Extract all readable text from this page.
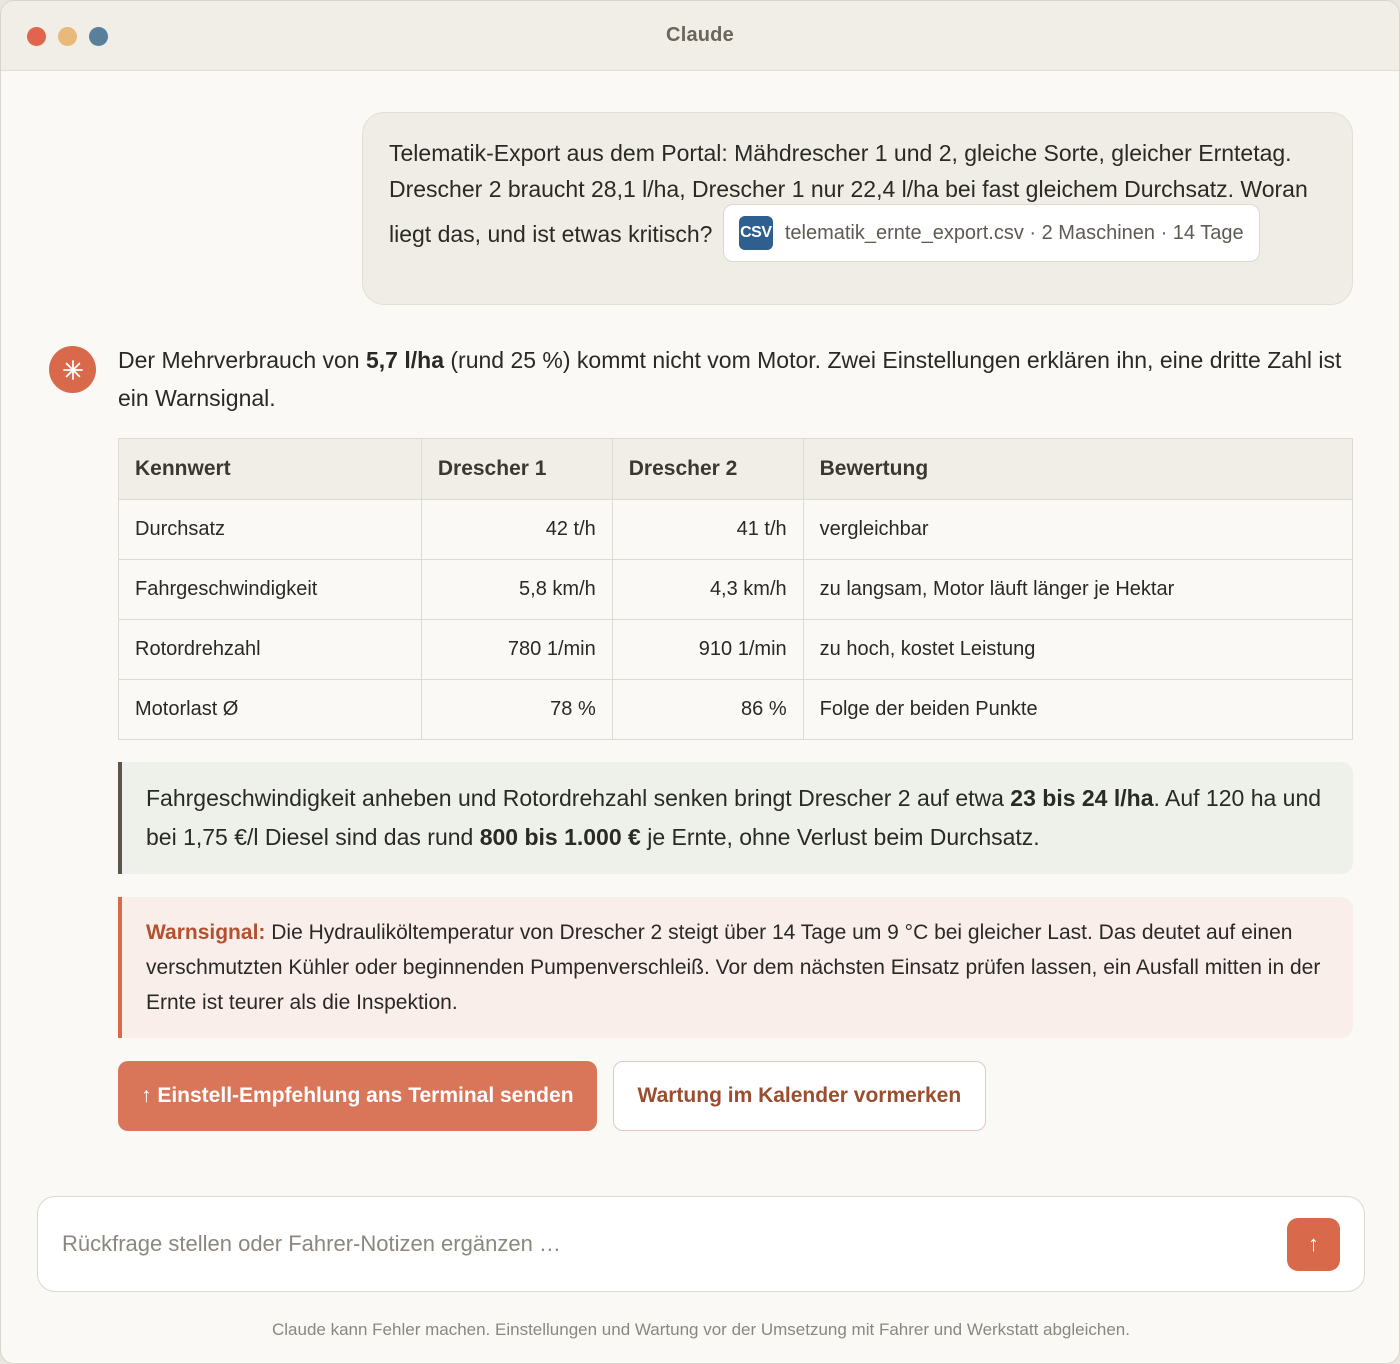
Claude
Telematik-Export aus dem Portal: Mähdrescher 1 und 2, gleiche Sorte, gleicher Erntetag. Drescher 2 braucht 28,1 l/ha, Drescher 1 nur 22,4 l/ha bei fast gleichem Durchsatz. Woran liegt das, und ist etwas kritisch? CSV telematik_ernte_export.csv · 2 Maschinen · 14 Tage

Der Mehrverbrauch von 5,7 l/ha (rund 25 %) kommt nicht vom Motor. Zwei Einstellungen erklären ihn, eine dritte Zahl ist ein Warnsignal.

Kennwert	Drescher 1	Drescher 2	Bewertung
Durchsatz	42 t/h	41 t/h	vergleichbar
Fahrgeschwindigkeit	5,8 km/h	4,3 km/h	zu langsam, Motor läuft länger je Hektar
Rotordrehzahl	780 1/min	910 1/min	zu hoch, kostet Leistung
Motorlast Ø	78 %	86 %	Folge der beiden Punkte
Fahrgeschwindigkeit anheben und Rotordrehzahl senken bringt Drescher 2 auf etwa 23 bis 24 l/ha. Auf 120 ha und bei 1,75 €/l Diesel sind das rund 800 bis 1.000 € je Ernte, ohne Verlust beim Durchsatz.
Warnsignal: Die Hydrauliköltemperatur von Drescher 2 steigt über 14 Tage um 9 °C bei gleicher Last. Das deutet auf einen verschmutzten Kühler oder beginnenden Pumpenverschleiß. Vor dem nächsten Einsatz prüfen lassen, ein Ausfall mitten in der Ernte ist teurer als die Inspektion.
↑ Einstell-Empfehlung ans Terminal senden	Wartung im Kalender vormerken
Rückfrage stellen oder Fahrer-Notizen ergänzen …
↑
Claude kann Fehler machen. Einstellungen und Wartung vor der Umsetzung mit Fahrer und Werkstatt abgleichen.
